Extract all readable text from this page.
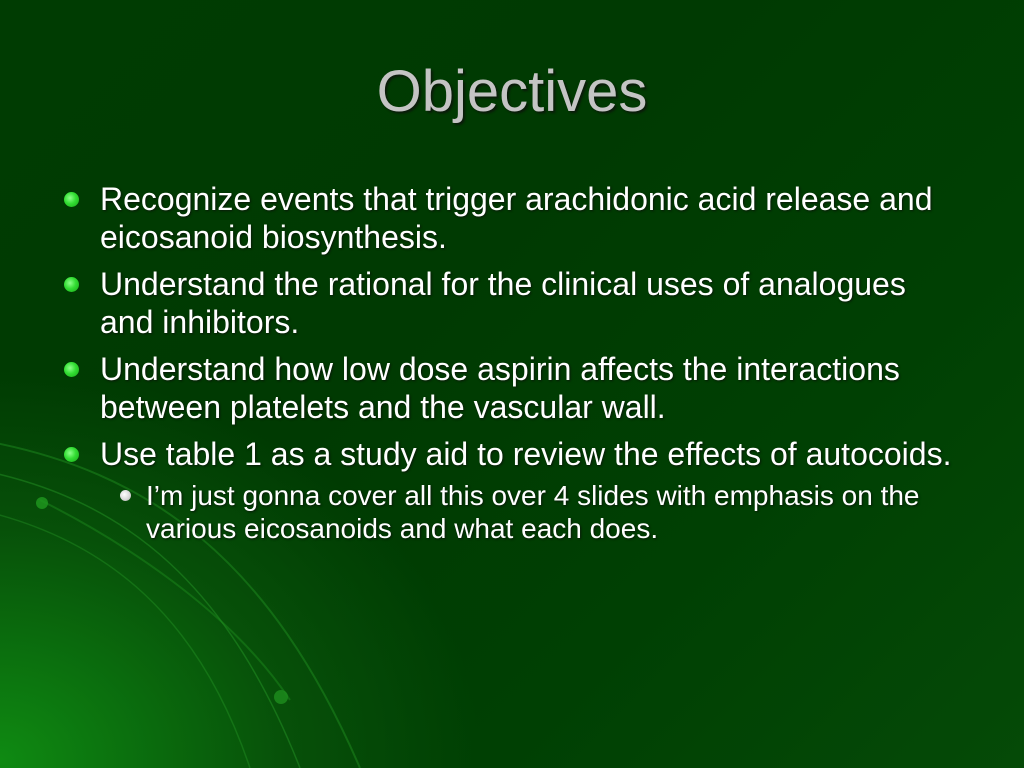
Objectives
Recognize events that trigger arachidonic acid release and eicosanoid biosynthesis.
Understand the rational for the clinical uses of analogues and inhibitors.
Understand how low dose aspirin affects the interactions between platelets and the vascular wall.
Use table 1 as a study aid to review the effects of autocoids.
I’m just gonna cover all this over 4 slides with emphasis on the various eicosanoids and what each does.
